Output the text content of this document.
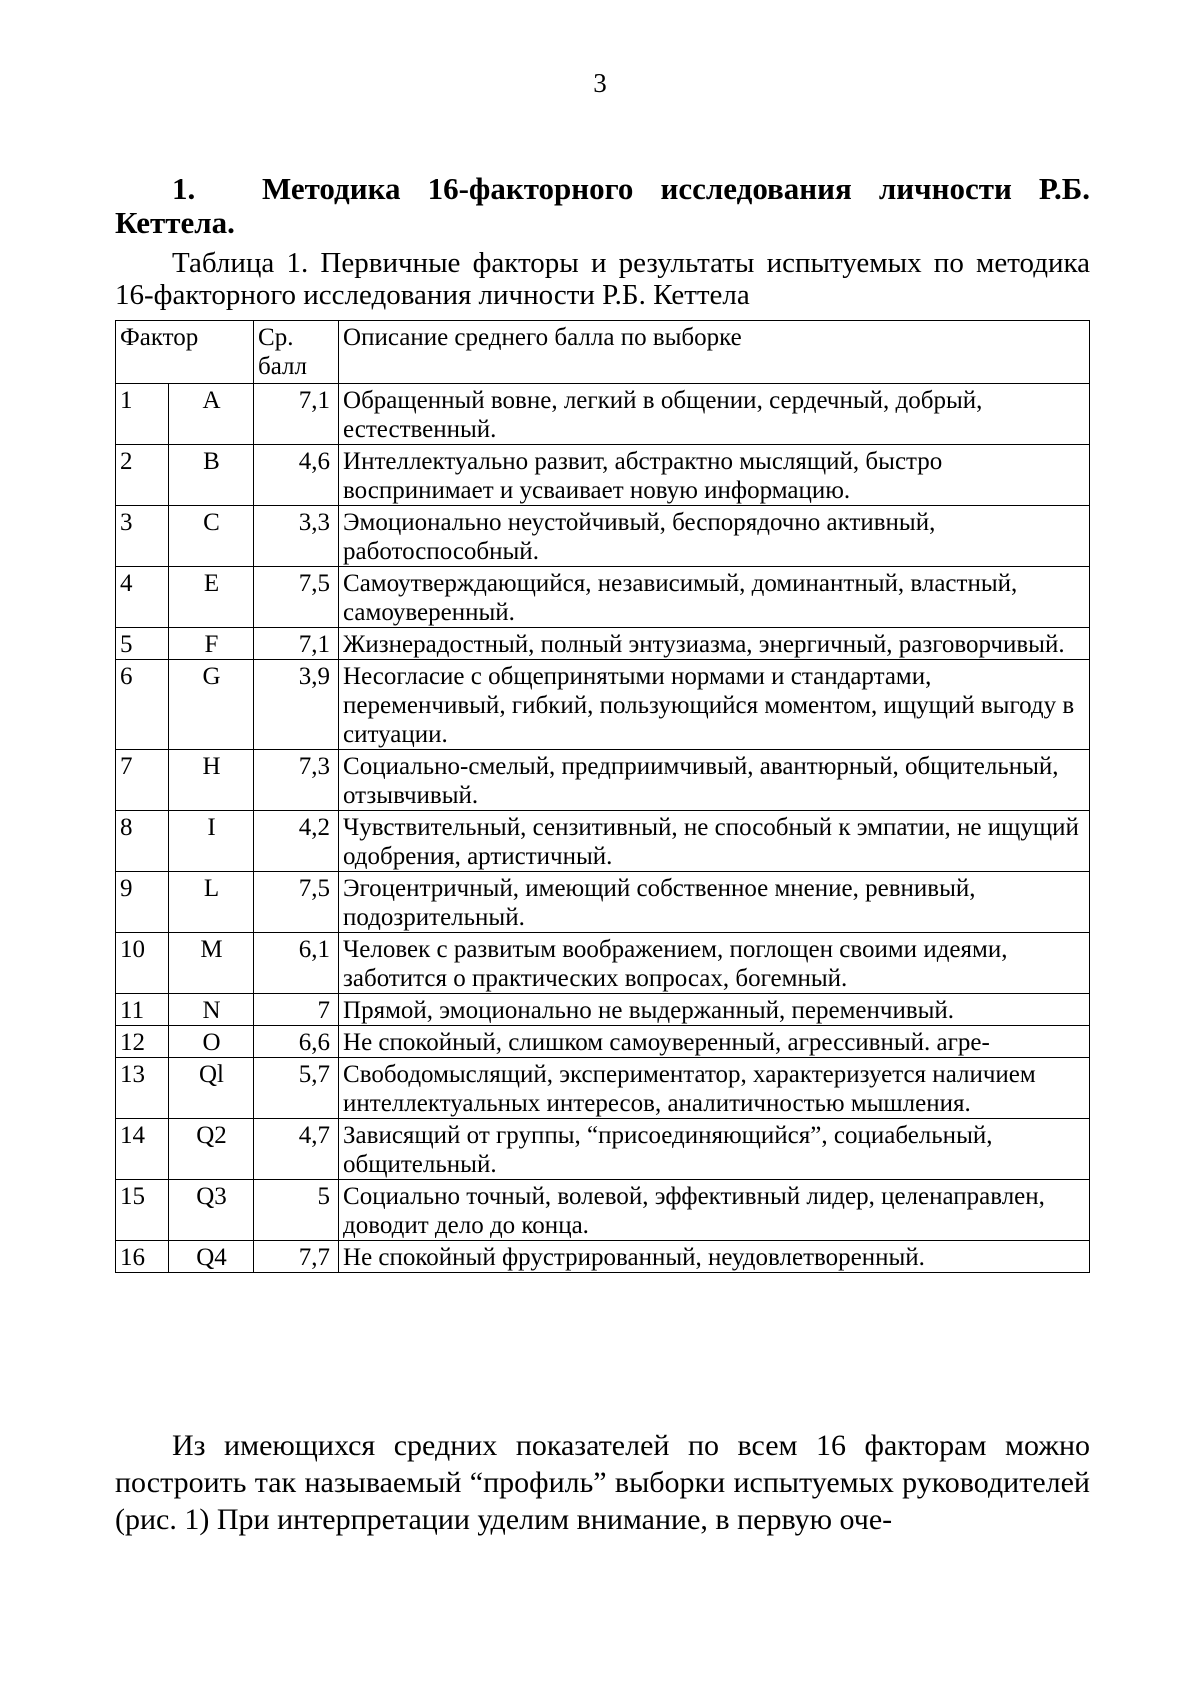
3
1. Методика 16-факторного исследования личности Р.Б. Кеттела.
Таблица 1. Первичные факторы и результаты испытуемых по методика 16-факторного исследования личности Р.Б. Кеттела
Фактор		Ср. балл	Описание среднего балла по выборке
1	A	7,1	Обращенный вовне, легкий в общении, сердечный, добрый, естественный.
2	B	4,6	Интеллектуально развит, абстрактно мыслящий, быстро воспринимает и усваивает новую информацию.
3	C	3,3	Эмоционально неустойчивый, беспорядочно активный, работоспособный.
4	E	7,5	Самоутверждающийся, независимый, доминантный, властный, самоуверенный.
5	F	7,1	Жизнерадостный, полный энтузиазма, энергичный, разговорчивый.
6	G	3,9	Несогласие с общепринятыми нормами и стандартами, переменчивый, гибкий, пользующийся моментом, ищущий выгоду в ситуации.
7	H	7,3	Социально-смелый, предприимчивый, авантюрный, общительный, отзывчивый.
8	I	4,2	Чувствительный, сензитивный, не способный к эмпатии, не ищущий одобрения, артистичный.
9	L	7,5	Эгоцентричный, имеющий собственное мнение, ревнивый, подозрительный.
10	M	6,1	Человек с развитым воображением, поглощен своими идеями, заботится о практических вопросах, богемный.
11	N	7	Прямой, эмоционально не выдержанный, переменчивый.
12	O	6,6	Не спокойный, слишком самоуверенный, агрессивный. агре-
13	Ql	5,7	Свободомыслящий, экспериментатор, характеризуется наличием интеллектуальных интересов, аналитичностью мышления.
14	Q2	4,7	Зависящий от группы, “присоединяющийся”, социабельный, общительный.
15	Q3	5	Социально точный, волевой, эффективный лидер, целенаправлен, доводит дело до конца.
16	Q4	7,7	Не спокойный фрустрированный, неудовлетворенный.
Из имеющихся средних показателей по всем 16 факторам можно построить так называемый “профиль” выборки испытуемых руководителей (рис. 1) При интерпретации уделим внимание, в первую оче-
